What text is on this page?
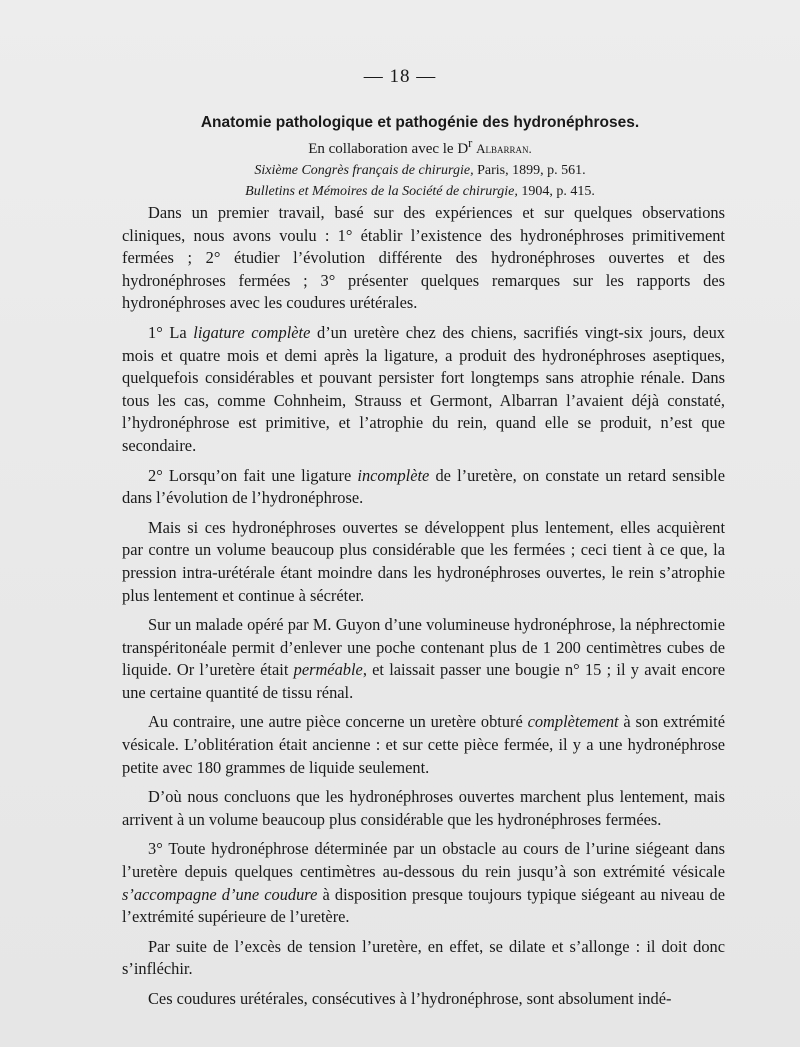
— 18 —
Anatomie pathologique et pathogénie des hydronéphroses.
En collaboration avec le $D^r$ Albarran.
Sixième Congrès français de chirurgie, Paris, 1899, p. 561.
Bulletins et Mémoires de la Société de chirurgie, 1904, p. 415.

Dans un premier travail, basé sur des expériences et sur quelques observations cliniques, nous avons voulu : 1° établir l’existence des hydronéphroses primitivement fermées ; 2° étudier l’évolution différente des hydronéphroses ouvertes et des hydronéphroses fermées ; 3° présenter quelques remarques sur les rapports des hydronéphroses avec les coudures urétérales.

1° La ligature complète d’un uretère chez des chiens, sacrifiés vingt-six jours, deux mois et quatre mois et demi après la ligature, a produit des hydronéphroses aseptiques, quelquefois considérables et pouvant persister fort longtemps sans atrophie rénale. Dans tous les cas, comme Cohnheim, Strauss et Germont, Albarran l’avaient déjà constaté, l’hydronéphrose est primitive, et l’atrophie du rein, quand elle se produit, n’est que secondaire.

2° Lorsqu’on fait une ligature incomplète de l’uretère, on constate un retard sensible dans l’évolution de l’hydronéphrose.

Mais si ces hydronéphroses ouvertes se développent plus lentement, elles acquièrent par contre un volume beaucoup plus considérable que les fermées ; ceci tient à ce que, la pression intra-urétérale étant moindre dans les hydronéphroses ouvertes, le rein s’atrophie plus lentement et continue à sécréter.

Sur un malade opéré par M. Guyon d’une volumineuse hydronéphrose, la néphrectomie transpéritonéale permit d’enlever une poche contenant plus de 1 200 centimètres cubes de liquide. Or l’uretère était perméable, et laissait passer une bougie n° 15 ; il y avait encore une certaine quantité de tissu rénal.

Au contraire, une autre pièce concerne un uretère obturé complètement à son extrémité vésicale. L’oblitération était ancienne : et sur cette pièce fermée, il y a une hydronéphrose petite avec 180 grammes de liquide seulement.

D’où nous concluons que les hydronéphroses ouvertes marchent plus lentement, mais arrivent à un volume beaucoup plus considérable que les hydronéphroses fermées.

3° Toute hydronéphrose déterminée par un obstacle au cours de l’urine siégeant dans l’uretère depuis quelques centimètres au-dessous du rein jusqu’à son extrémité vésicale s’accompagne d’une coudure à disposition presque toujours typique siégeant au niveau de l’extrémité supérieure de l’uretère.

Par suite de l’excès de tension l’uretère, en effet, se dilate et s’allonge : il doit donc s’infléchir.

Ces coudures urétérales, consécutives à l’hydronéphrose, sont absolument indé-
